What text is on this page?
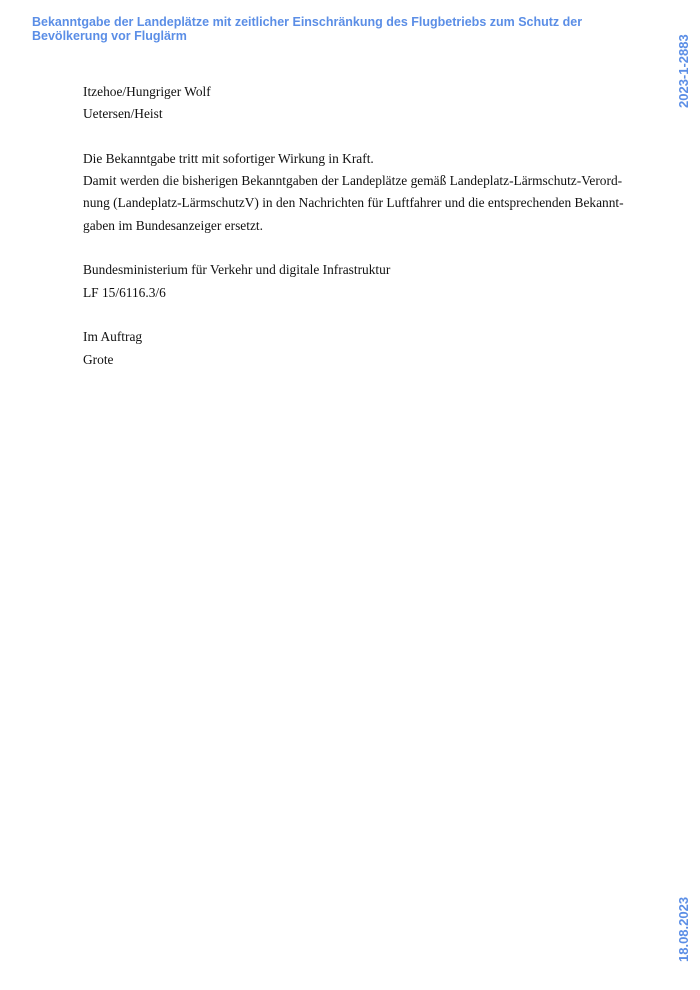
Bekanntgabe der Landeplätze mit zeitlicher Einschränkung des Flugbetriebs zum Schutz der Bevölkerung vor Fluglärm	2023-1-2883
18.08.2023

Itzehoe/Hungriger Wolf
Uetersen/Heist

Die Bekanntgabe tritt mit sofortiger Wirkung in Kraft.
Damit werden die bisherigen Bekanntgaben der Landeplätze gemäß Landeplatz-Lärmschutz-Verord-
nung (Landeplatz-LärmschutzV) in den Nachrichten für Luftfahrer und die entsprechenden Bekannt-
gaben im Bundesanzeiger ersetzt.

Bundesministerium für Verkehr und digitale Infrastruktur
LF 15/6116.3/6

Im Auftrag
Grote
